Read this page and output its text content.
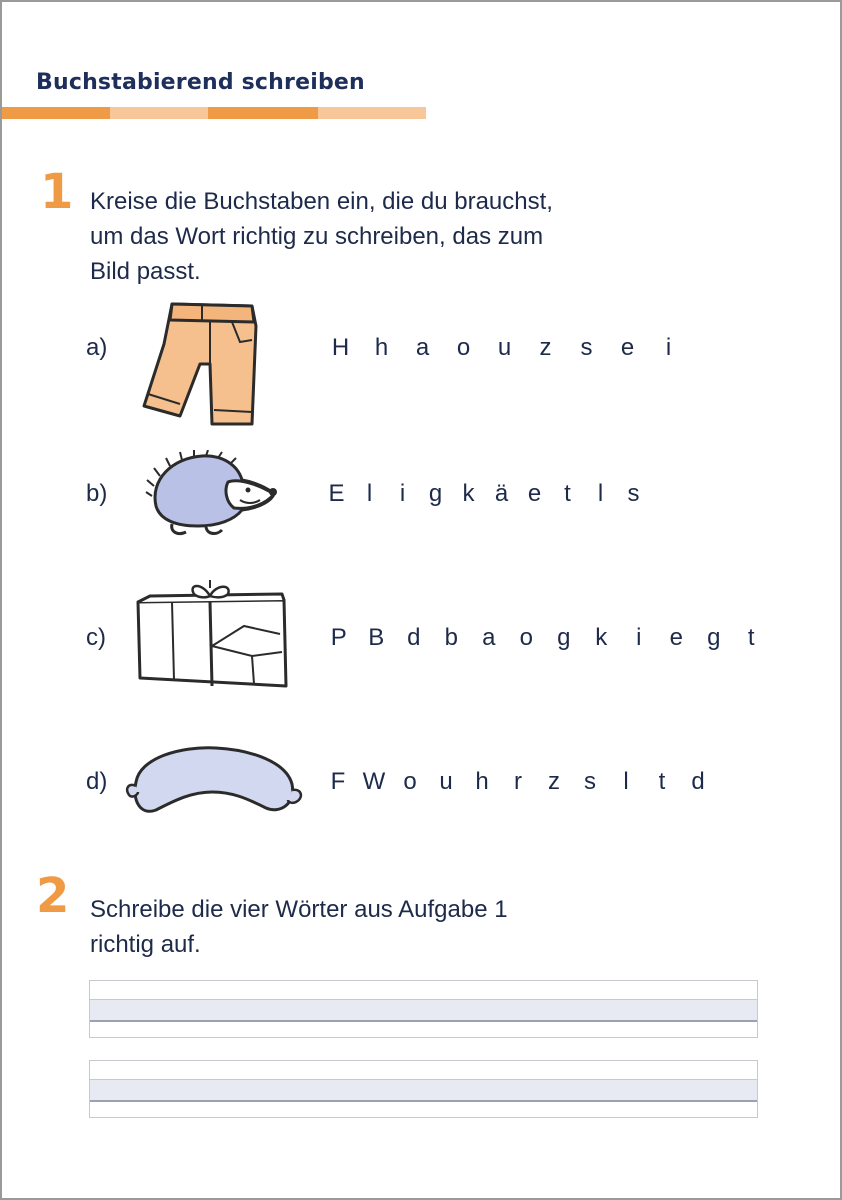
Buchstabierend schreiben
1 Kreise die Buchstaben ein, die du brauchst,
um das Wort richtig zu schreiben, das zum
Bild passt.
a)	H	h	a	o	u	z	s	e	i
b)	E l	i g k ä e t	l	s
c)	P B d	b	a	o	g	k	i	e	g	t
d)	F W o u h	r	z	s	l	t	d
2 Schreibe die vier Wörter aus Aufgabe 1
richtig auf.
